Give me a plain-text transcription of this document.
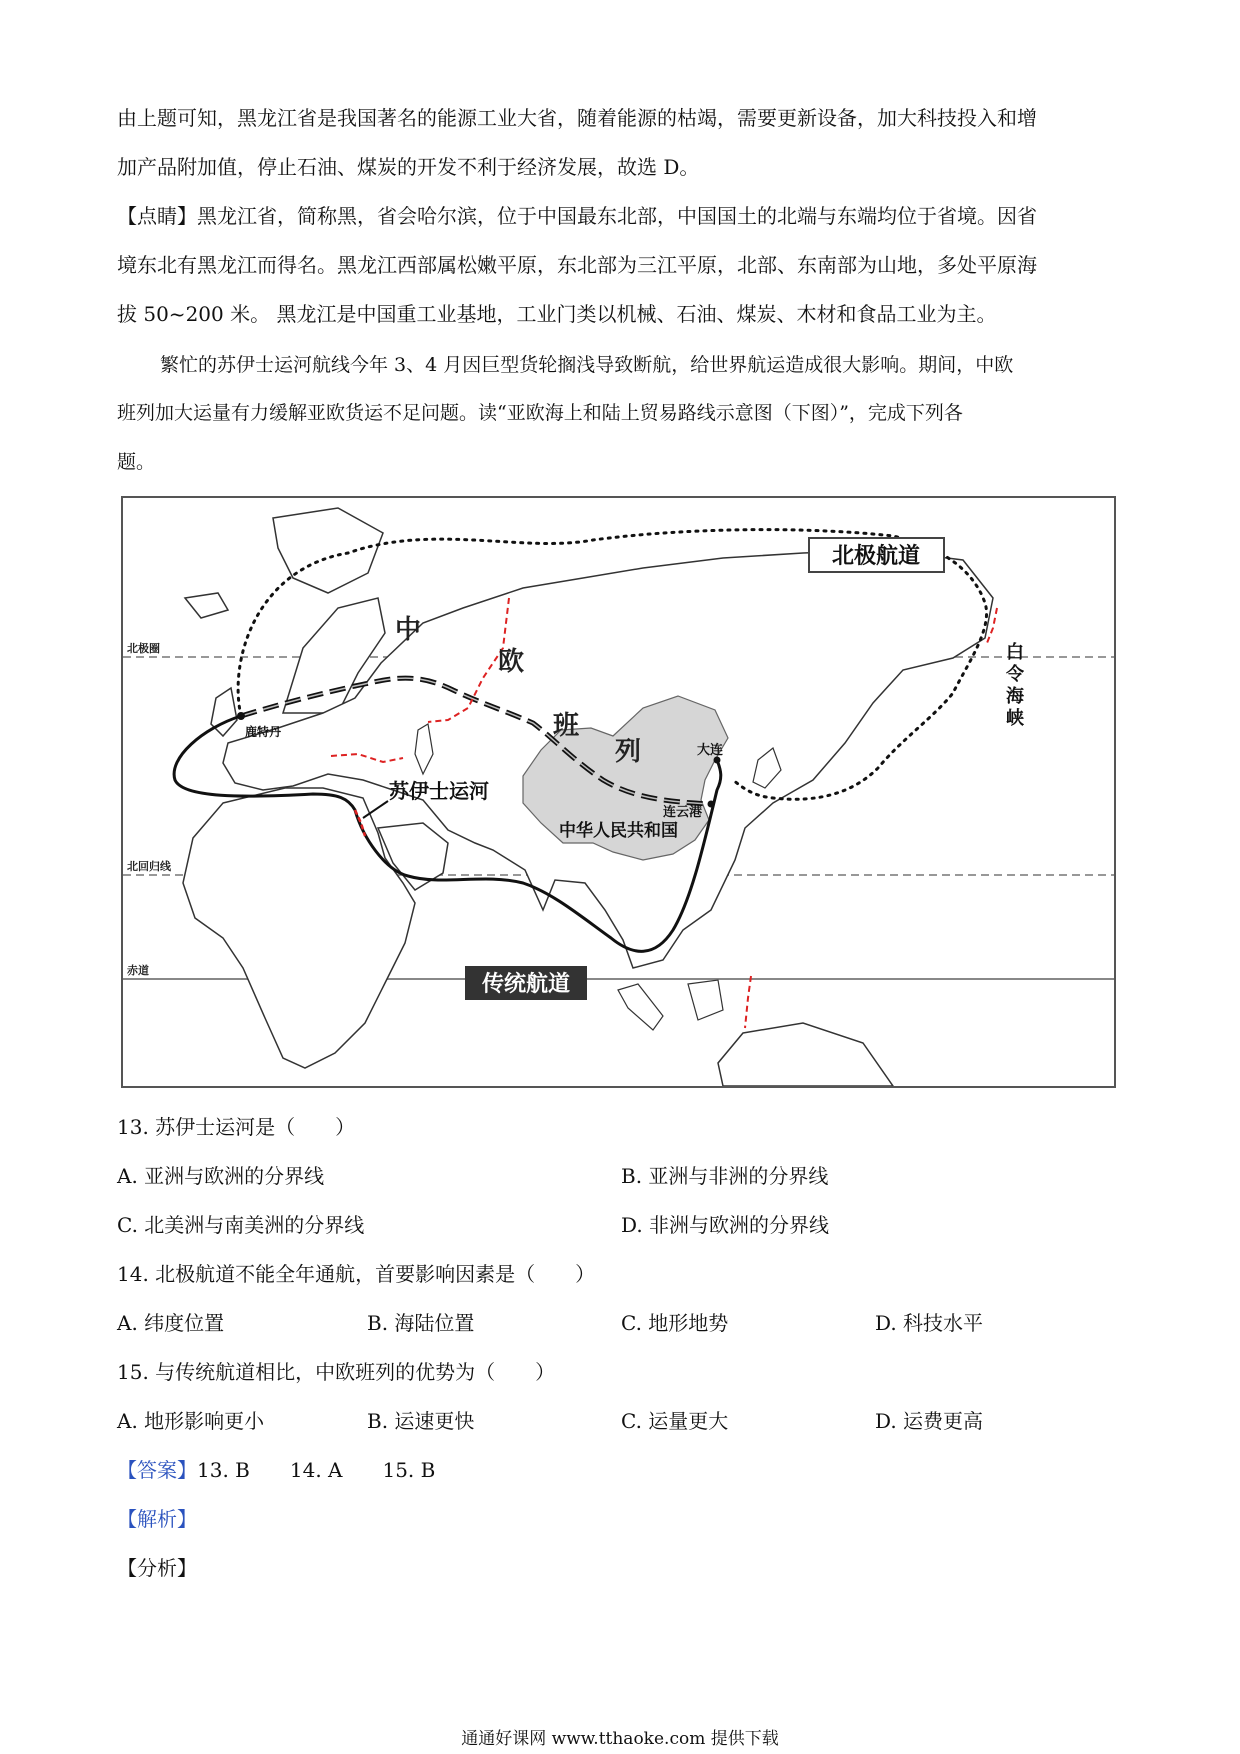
由上题可知，黑龙江省是我国著名的能源工业大省，随着能源的枯竭，需要更新设备，加大科技投入和增

加产品附加值，停止石油、煤炭的开发不利于经济发展，故选 D。

【点睛】黑龙江省，简称黑，省会哈尔滨，位于中国最东北部，中国国土的北端与东端均位于省境。因省

境东北有黑龙江而得名。黑龙江西部属松嫩平原，东北部为三江平原，北部、东南部为山地，多处平原海

拔 50~200 米。 黑龙江是中国重工业基地，工业门类以机械、石油、煤炭、木材和食品工业为主。

繁忙的苏伊士运河航线今年 3、4 月因巨型货轮搁浅导致断航，给世界航运造成很大影响。期间，中欧

班列加大运量有力缓解亚欧货运不足问题。读“亚欧海上和陆上贸易路线示意图（下图）”，完成下列各

题。

北极航道
传统航道
中
欧
班
列
苏伊士运河
中华人民共和国
鹿特丹
大连
连云港
白
令
海
峡
北极圈
北回归线
赤道

13. 苏伊士运河是（　　）

A. 亚洲与欧洲的分界线	B. 亚洲与非洲的分界线
C. 北美洲与南美洲的分界线	D. 非洲与欧洲的分界线

14. 北极航道不能全年通航，首要影响因素是（　　）

A. 纬度位置	B. 海陆位置	C. 地形地势	D. 科技水平

15. 与传统航道相比，中欧班列的优势为（　　）

A. 地形影响更小	B. 运速更快	C. 运量更大	D. 运费更高

【答案】13. B 14. A 15. B

【解析】

【分析】

通通好课网 www.tthaoke.com 提供下载
